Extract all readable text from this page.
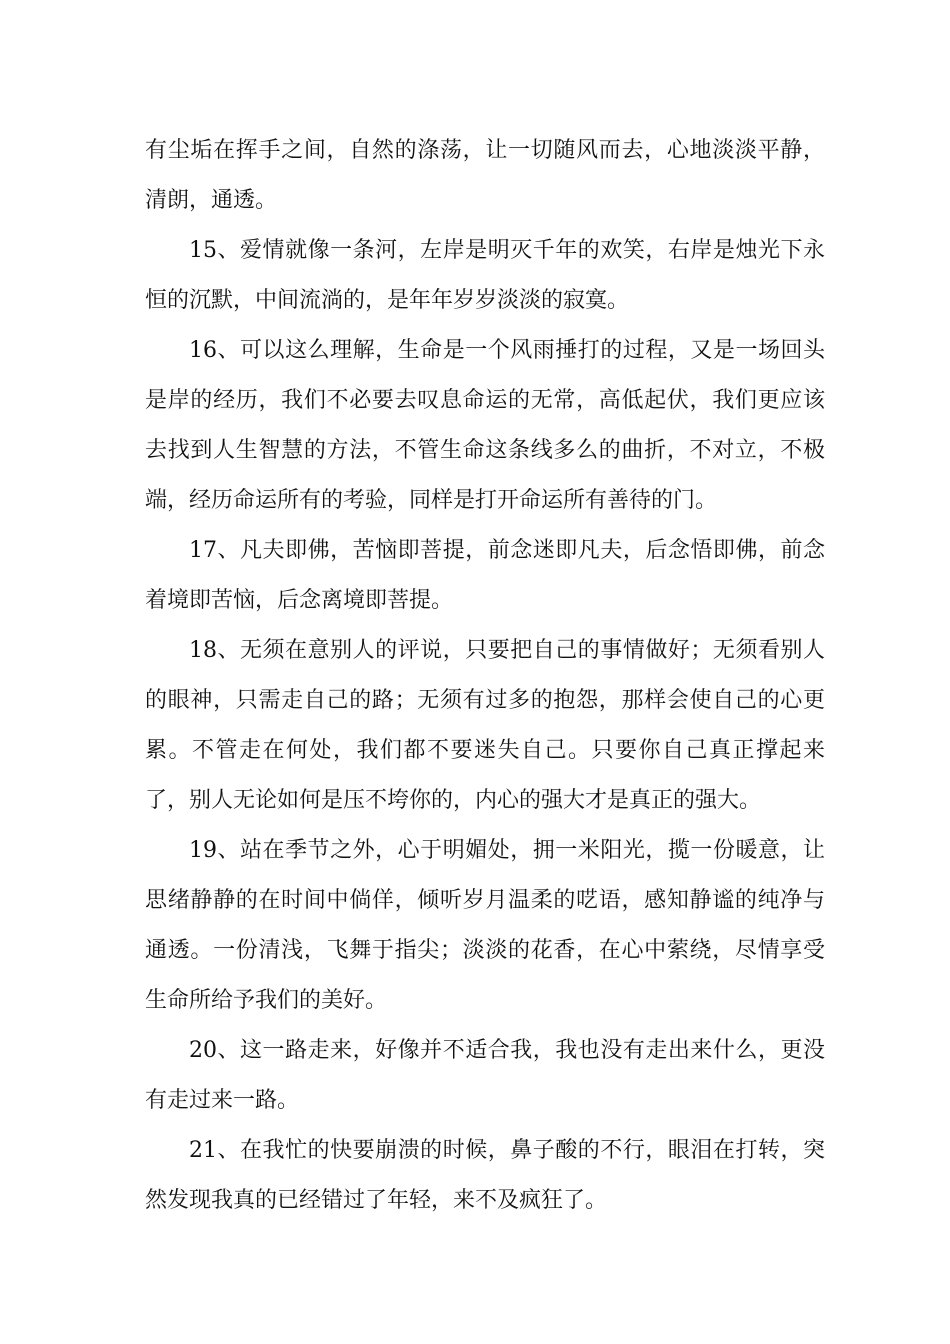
有尘垢在挥手之间，自然的涤荡，让一切随风而去，心地淡淡平静，清朗，通透。

15、爱情就像一条河，左岸是明灭千年的欢笑，右岸是烛光下永恒的沉默，中间流淌的，是年年岁岁淡淡的寂寞。

16、可以这么理解，生命是一个风雨捶打的过程，又是一场回头是岸的经历，我们不必要去叹息命运的无常，高低起伏，我们更应该去找到人生智慧的方法，不管生命这条线多么的曲折，不对立，不极端，经历命运所有的考验，同样是打开命运所有善待的门。

17、凡夫即佛，苦恼即菩提，前念迷即凡夫，后念悟即佛，前念着境即苦恼，后念离境即菩提。

18、无须在意别人的评说，只要把自己的事情做好；无须看别人的眼神，只需走自己的路；无须有过多的抱怨，那样会使自己的心更累。不管走在何处，我们都不要迷失自己。只要你自己真正撑起来了，别人无论如何是压不垮你的，内心的强大才是真正的强大。

19、站在季节之外，心于明媚处，拥一米阳光，揽一份暖意，让思绪静静的在时间中倘佯，倾听岁月温柔的呓语，感知静谧的纯净与通透。一份清浅，飞舞于指尖；淡淡的花香，在心中萦绕，尽情享受生命所给予我们的美好。

20、这一路走来，好像并不适合我，我也没有走出来什么，更没有走过来一路。

21、在我忙的快要崩溃的时候，鼻子酸的不行，眼泪在打转，突然发现我真的已经错过了年轻，来不及疯狂了。
